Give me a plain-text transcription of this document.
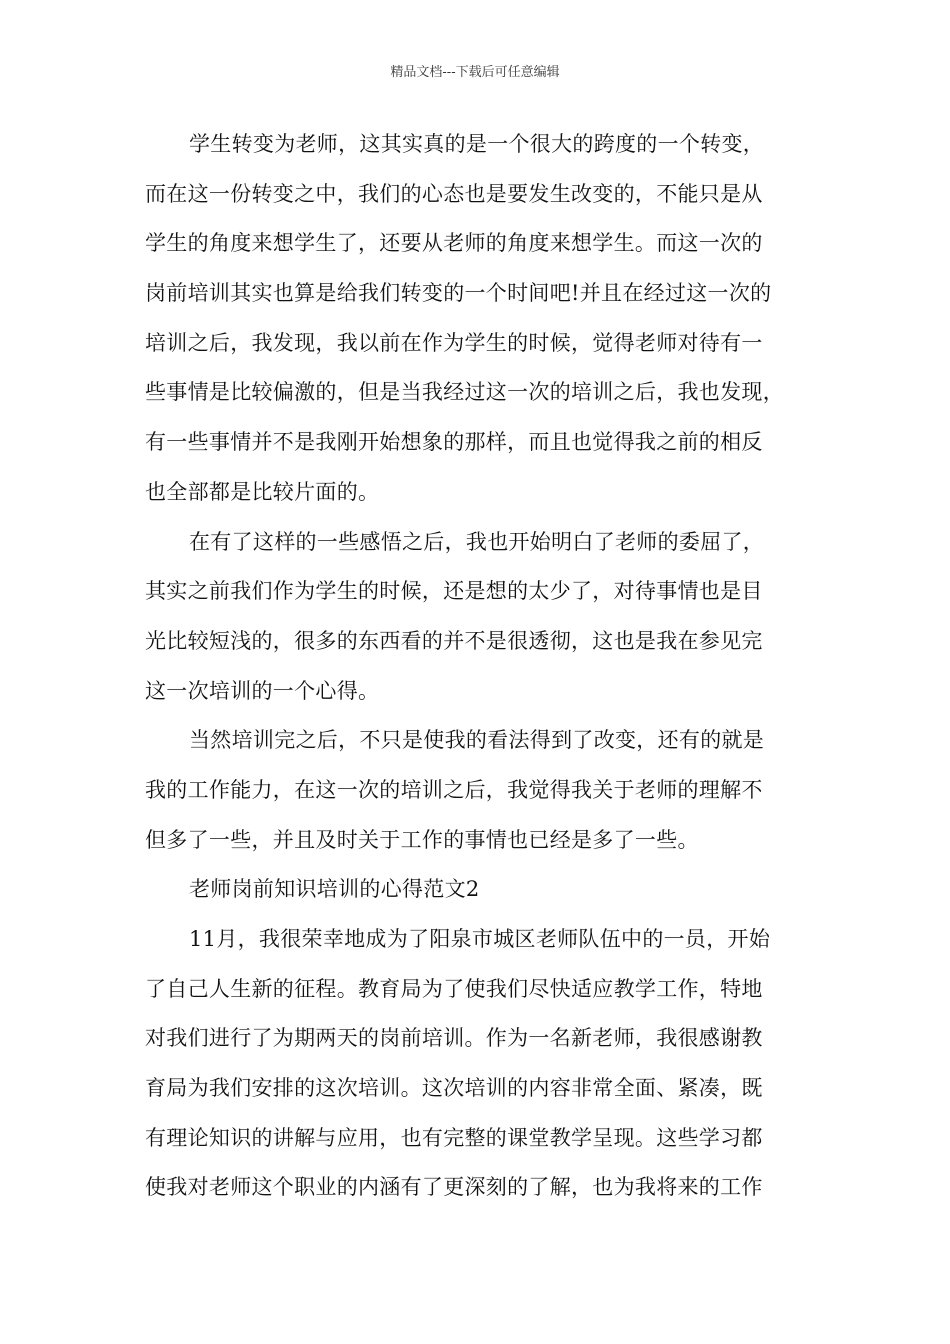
精品文档---下载后可任意编辑
学生转变为老师，这其实真的是一个很大的跨度的一个转变，
而在这一份转变之中，我们的心态也是要发生改变的，不能只是从
学生的角度来想学生了，还要从老师的角度来想学生。而这一次的
岗前培训其实也算是给我们转变的一个时间吧!并且在经过这一次的
培训之后，我发现，我以前在作为学生的时候，觉得老师对待有一
些事情是比较偏激的，但是当我经过这一次的培训之后，我也发现，
有一些事情并不是我刚开始想象的那样，而且也觉得我之前的相反
也全部都是比较片面的。
在有了这样的一些感悟之后，我也开始明白了老师的委屈了，
其实之前我们作为学生的时候，还是想的太少了，对待事情也是目
光比较短浅的，很多的东西看的并不是很透彻，这也是我在参见完
这一次培训的一个心得。
当然培训完之后，不只是使我的看法得到了改变，还有的就是
我的工作能力，在这一次的培训之后，我觉得我关于老师的理解不
但多了一些，并且及时关于工作的事情也已经是多了一些。
老师岗前知识培训的心得范文2
11月，我很荣幸地成为了阳泉市城区老师队伍中的一员，开始
了自己人生新的征程。教育局为了使我们尽快适应教学工作，特地
对我们进行了为期两天的岗前培训。作为一名新老师，我很感谢教
育局为我们安排的这次培训。这次培训的内容非常全面、紧凑，既
有理论知识的讲解与应用，也有完整的课堂教学呈现。这些学习都
使我对老师这个职业的内涵有了更深刻的了解，也为我将来的工作
